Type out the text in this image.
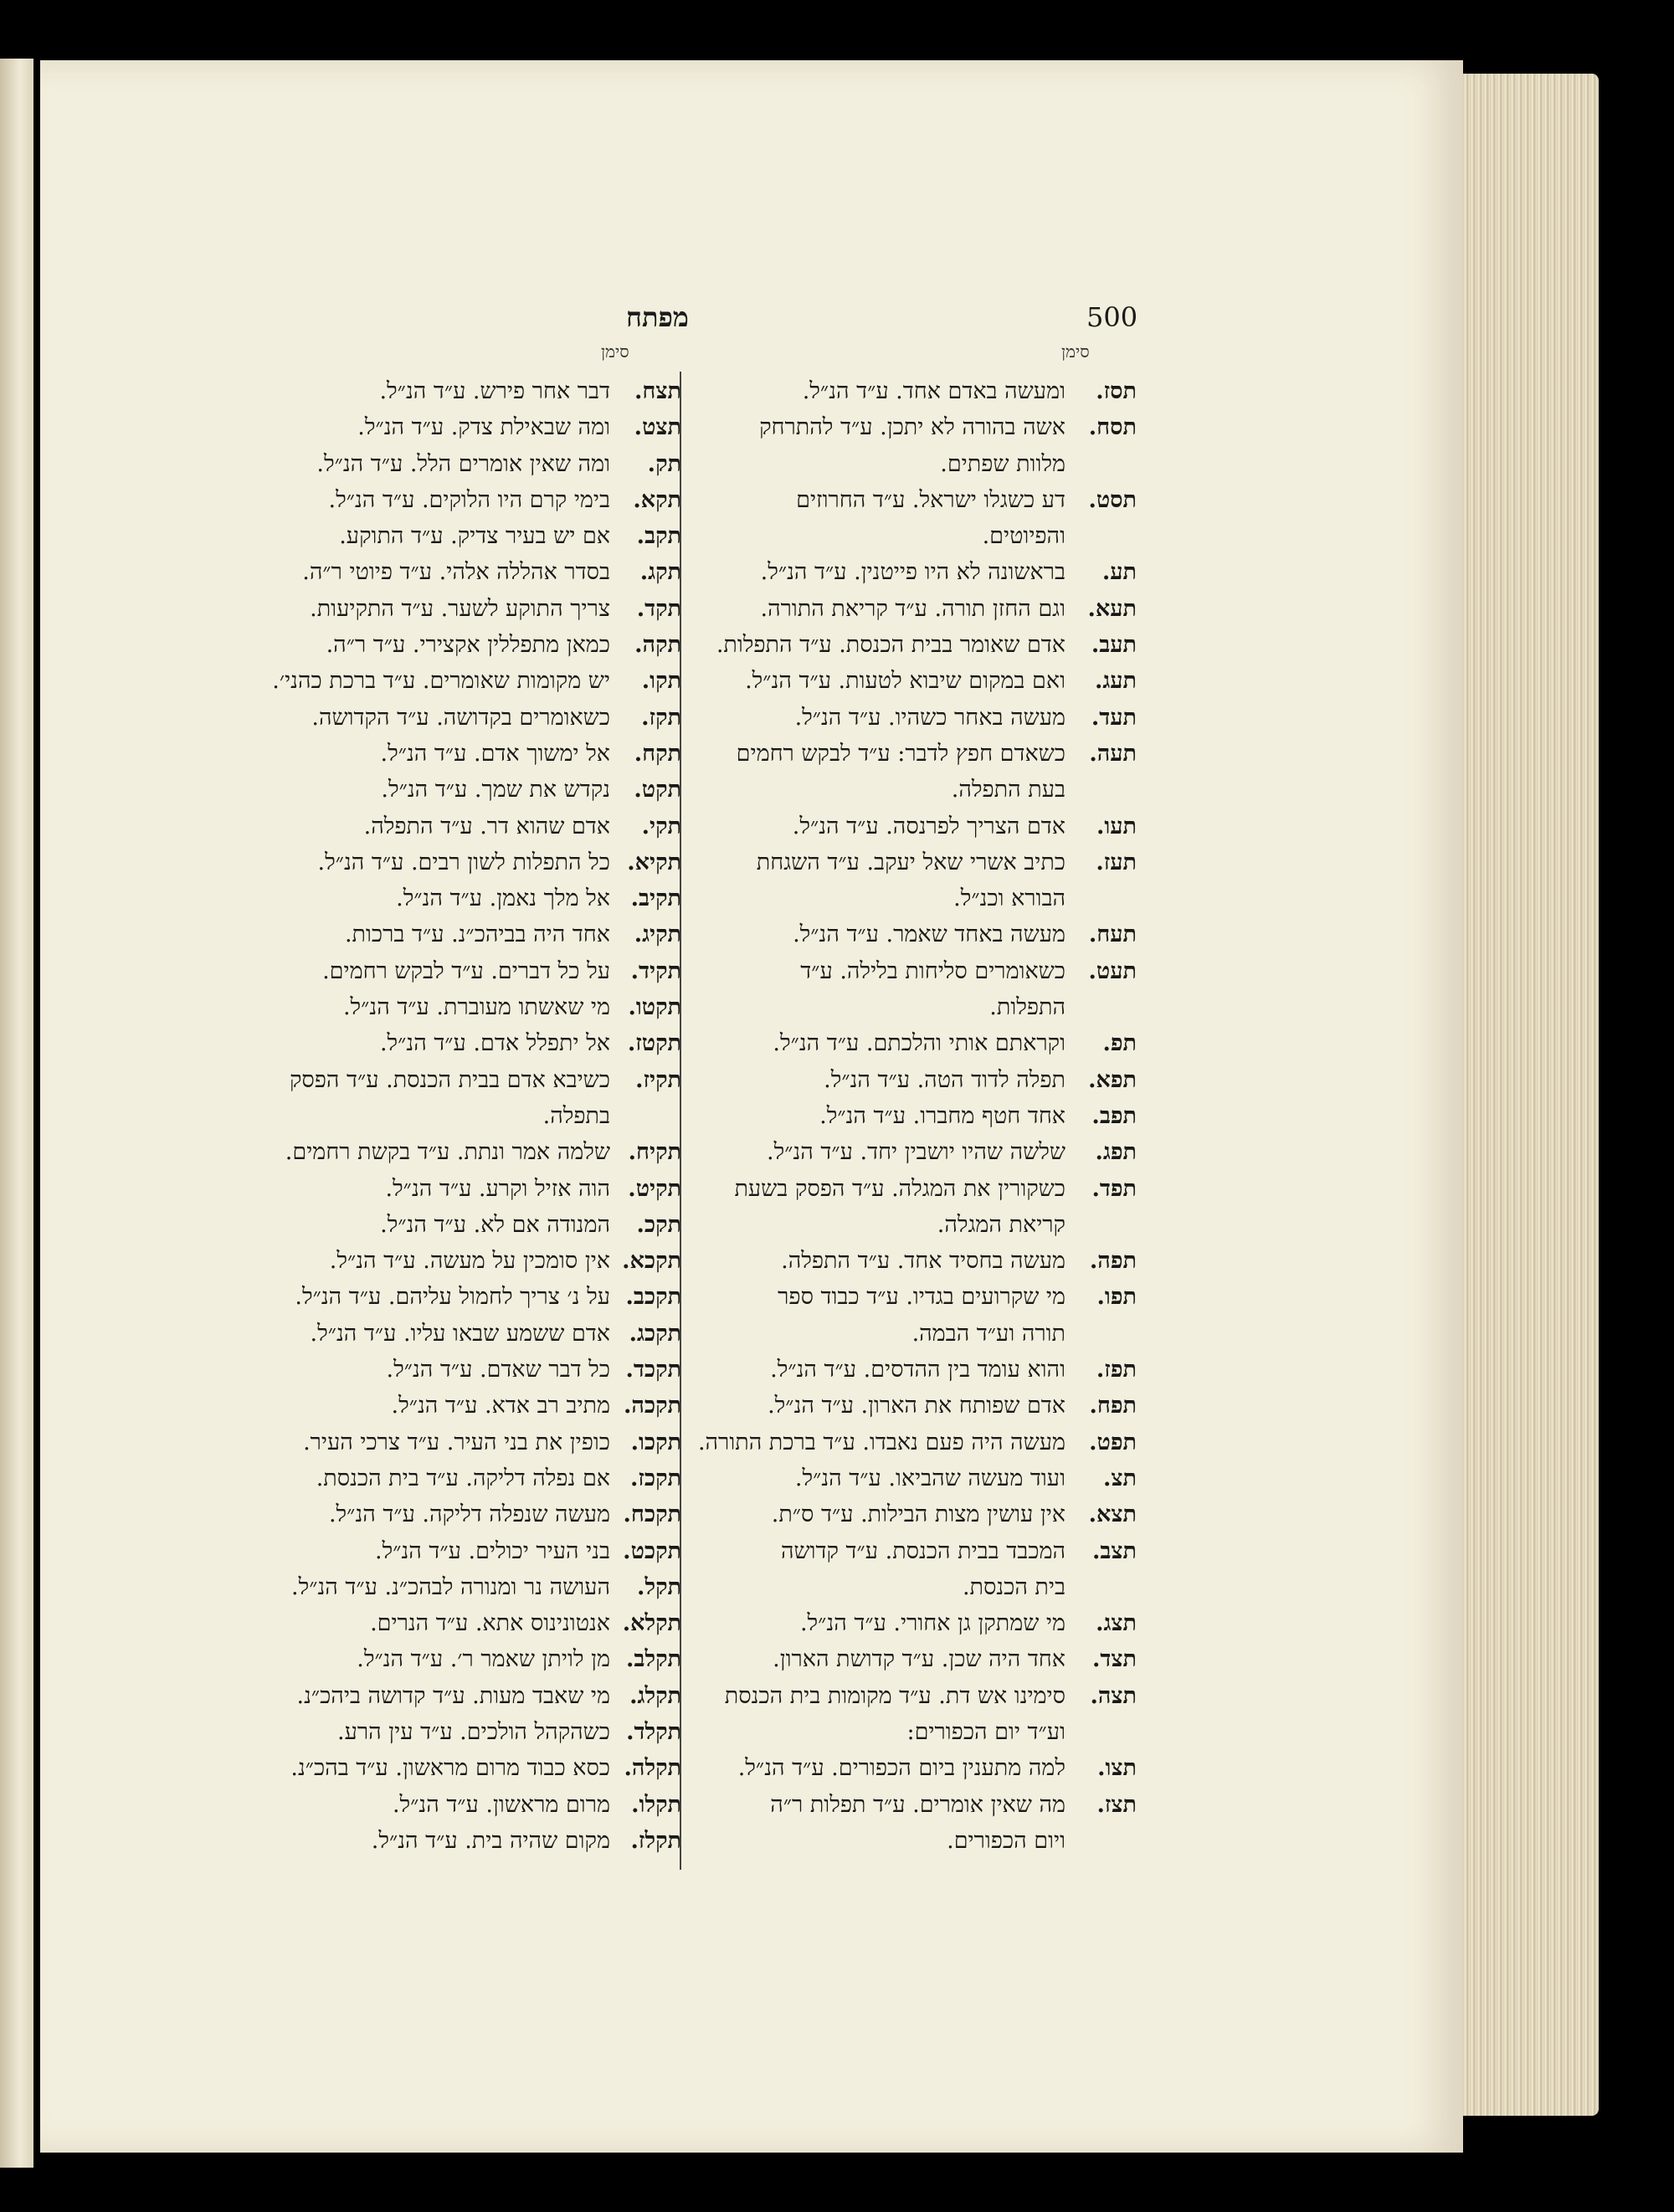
500
מפתח
סימן
סימן
תסז.
ומעשה באדם אחד. ע״ד הנ״ל.
תסח.
אשה בהורה לא יתכן. ע״ד להתרחק
מלוות שפתים.
תסט.
דע כשגלו ישראל. ע״ד החרוזים
והפיוטים.
תע.
בראשונה לא היו פייטנין. ע״ד הנ״ל.
תעא.
וגם החזן תורה. ע״ד קריאת התורה.
תעב.
אדם שאומר בבית הכנסת. ע״ד התפלות.
תעג.
ואם במקום שיבוא לטעות. ע״ד הנ״ל.
תעד.
מעשה באחר כשהיו. ע״ד הנ״ל.
תעה.
כשאדם חפץ לדבר: ע״ד לבקש רחמים
בעת התפלה.
תעו.
אדם הצריך לפרנסה. ע״ד הנ״ל.
תעז.
כתיב אשרי שאל יעקב. ע״ד השגחת
הבורא וכנ״ל.
תעח.
מעשה באחד שאמר. ע״ד הנ״ל.
תעט.
כשאומרים סליחות בלילה. ע״ד
התפלות.
תפ.
וקראתם אותי והלכתם. ע״ד הנ״ל.
תפא.
תפלה לדוד הטה. ע״ד הנ״ל.
תפב.
אחד חטף מחברו. ע״ד הנ״ל.
תפג.
שלשה שהיו יושבין יחד. ע״ד הנ״ל.
תפד.
כשקורין את המגלה. ע״ד הפסק בשעת
קריאת המגלה.
תפה.
מעשה בחסיד אחד. ע״ד התפלה.
תפו.
מי שקרועים בגדיו. ע״ד כבוד ספר
תורה וע״ד הבמה.
תפז.
והוא עומד בין ההדסים. ע״ד הנ״ל.
תפח.
אדם שפותח את הארון. ע״ד הנ״ל.
תפט.
מעשה היה פעם נאבדו. ע״ד ברכת התורה.
תצ.
ועוד מעשה שהביאו. ע״ד הנ״ל.
תצא.
אין עושין מצות הבילות. ע״ד ס״ת.
תצב.
המכבד בבית הכנסת. ע״ד קדושה
בית הכנסת.
תצג.
מי שמתקן גן אחורי. ע״ד הנ״ל.
תצד.
אחד היה שכן. ע״ד קדושת הארון.
תצה.
סימינו אש דת. ע״ד מקומות בית הכנסת
וע״ד יום הכפורים:
תצו.
למה מתענין ביום הכפורים. ע״ד הנ״ל.
תצז.
מה שאין אומרים. ע״ד תפלות ר״ה
ויום הכפורים.
תצח.
דבר אחר פירש. ע״ד הנ״ל.
תצט.
ומה שבאילת צדק. ע״ד הנ״ל.
תק.
ומה שאין אומרים הלל. ע״ד הנ״ל.
תקא.
בימי קרם היו הלוקים. ע״ד הנ״ל.
תקב.
אם יש בעיר צדיק. ע״ד התוקע.
תקג.
בסדר אהללה אלהי. ע״ד פיוטי ר״ה.
תקד.
צריך התוקע לשער. ע״ד התקיעות.
תקה.
כמאן מתפללין אקצירי. ע״ד ר״ה.
תקו.
יש מקומות שאומרים. ע״ד ברכת כהני׳.
תקז.
כשאומרים בקדושה. ע״ד הקדושה.
תקח.
אל ימשוך אדם. ע״ד הנ״ל.
תקט.
נקדש את שמך. ע״ד הנ״ל.
תקי.
אדם שהוא דר. ע״ד התפלה.
תקיא.
כל התפלות לשון רבים. ע״ד הנ״ל.
תקיב.
אל מלך נאמן. ע״ד הנ״ל.
תקיג.
אחד היה בביהכ״נ. ע״ד ברכות.
תקיד.
על כל דברים. ע״ד לבקש רחמים.
תקטו.
מי שאשתו מעוברת. ע״ד הנ״ל.
תקטז.
אל יתפלל אדם. ע״ד הנ״ל.
תקיז.
כשיבא אדם בבית הכנסת. ע״ד הפסק
בתפלה.
תקיח.
שלמה אמר ונתת. ע״ד בקשת רחמים.
תקיט.
הוה אזיל וקרע. ע״ד הנ״ל.
תקכ.
המנודה אם לא. ע״ד הנ״ל.
תקכא.
אין סומכין על מעשה. ע״ד הנ״ל.
תקכב.
על נ׳ צריך לחמול עליהם. ע״ד הנ״ל.
תקכג.
אדם ששמע שבאו עליו. ע״ד הנ״ל.
תקכד.
כל דבר שאדם. ע״ד הנ״ל.
תקכה.
מתיב רב אדא. ע״ד הנ״ל.
תקכו.
כופין את בני העיר. ע״ד צרכי העיר.
תקכז.
אם נפלה דליקה. ע״ד בית הכנסת.
תקכח.
מעשה שנפלה דליקה. ע״ד הנ״ל.
תקכט.
בני העיר יכולים. ע״ד הנ״ל.
תקל.
העושה נר ומנורה לבהכ״נ. ע״ד הנ״ל.
תקלא.
אנטונינוס אתא. ע״ד הנרים.
תקלב.
מן לויתן שאמר ר׳. ע״ד הנ״ל.
תקלג.
מי שאבד מעות. ע״ד קדושה ביהכ״נ.
תקלד.
כשהקהל הולכים. ע״ד עין הרע.
תקלה.
כסא כבוד מרום מראשון. ע״ד בהכ״נ.
תקלו.
מרום מראשון. ע״ד הנ״ל.
תקלז.
מקום שהיה בית. ע״ד הנ״ל.
